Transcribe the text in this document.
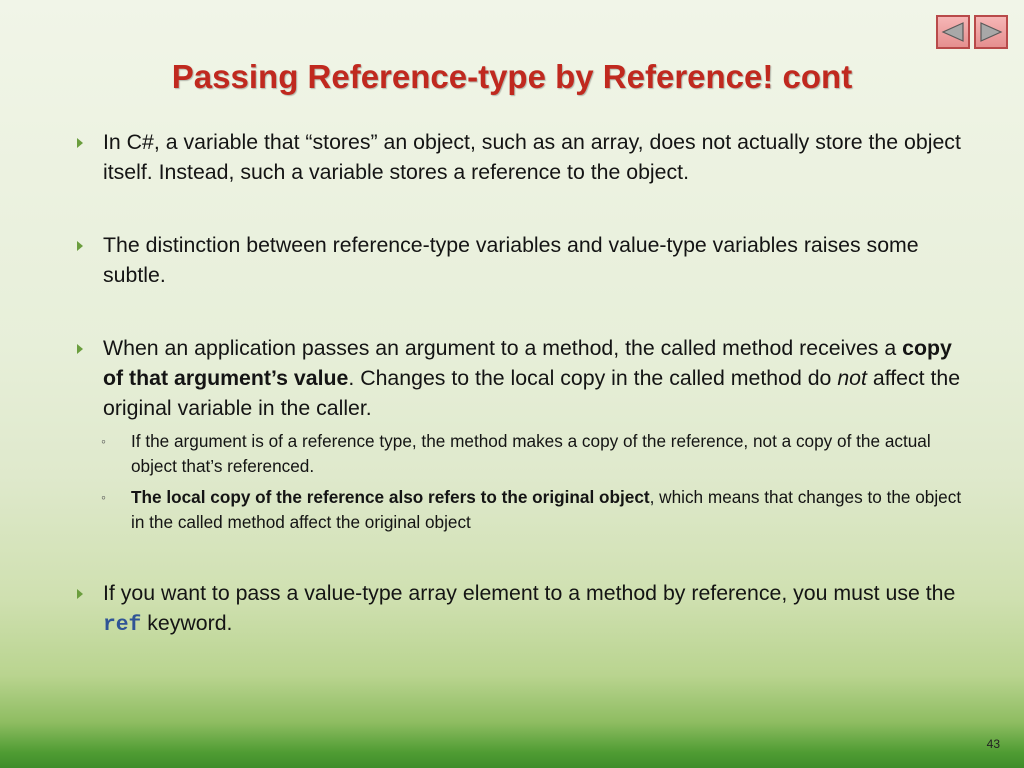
Passing Reference-type by Reference! cont
In C#, a variable that “stores” an object, such as an array, does not actually store the object itself. Instead, such a variable stores a reference to the object.
The distinction between reference-type variables and value-type variables raises some subtle.
When an application passes an argument to a method, the called method receives a copy of that argument’s value. Changes to the local copy in the called method do not affect the original variable in the caller.
◦ If the argument is of a reference type, the method makes a copy of the reference, not a copy of the actual object that’s referenced.
◦ The local copy of the reference also refers to the original object, which means that changes to the object in the called method affect the original object
If you want to pass a value-type array element to a method by reference, you must use the ref keyword.
43
